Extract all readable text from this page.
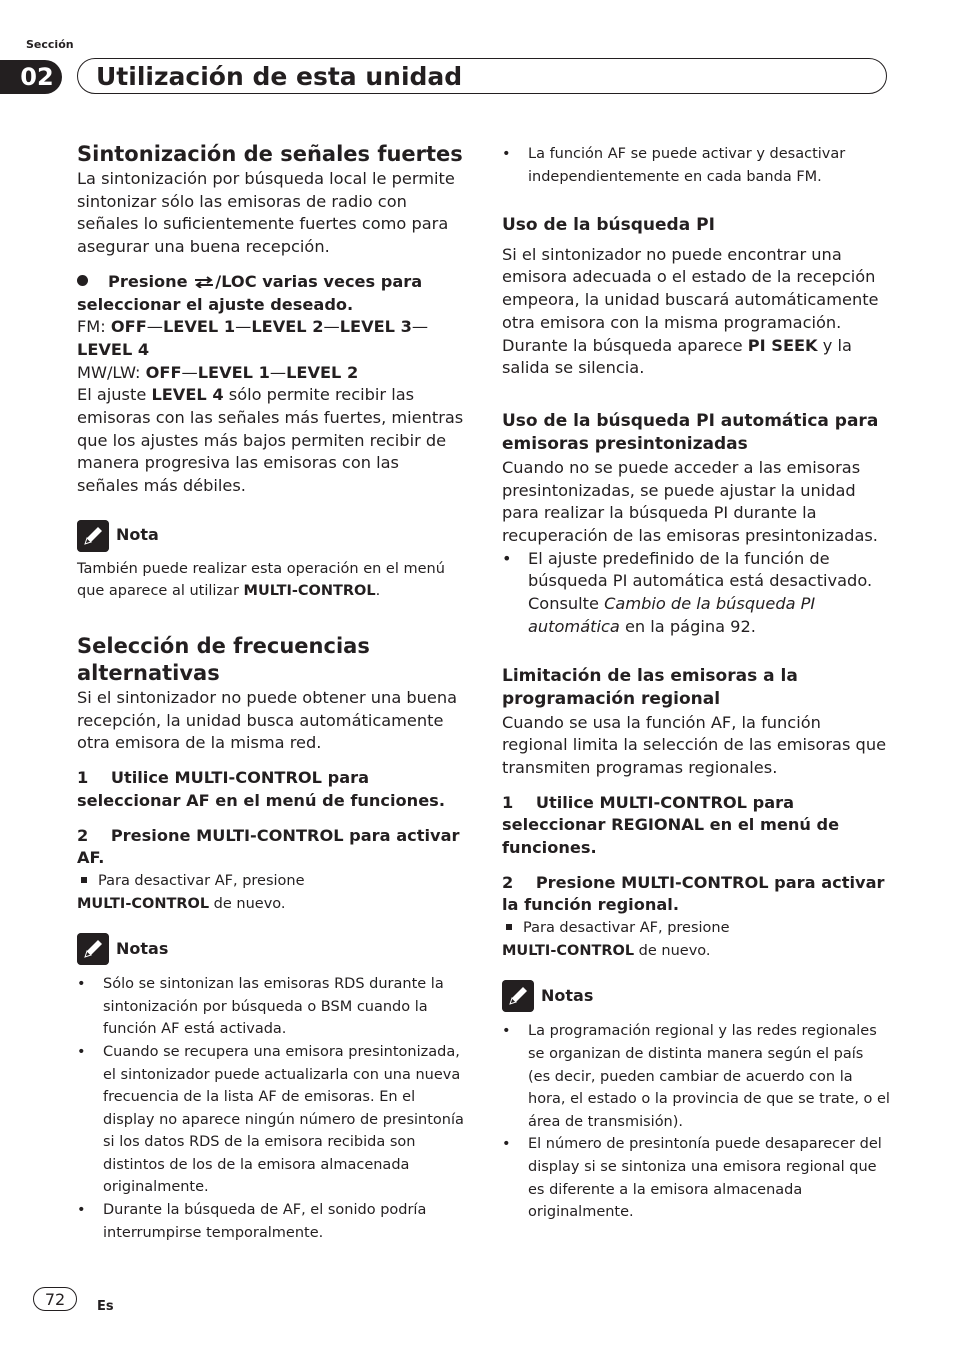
Sección
02	Utilización de esta unidad
Sintonización de señales fuertes

La sintonización por búsqueda local le permite sintonizar sólo las emisoras de radio con señales lo suficientemente fuertes como para asegurar una buena recepción.

Presione /LOC varias veces para seleccionar el ajuste deseado.

FM: OFF—LEVEL 1—LEVEL 2—LEVEL 3—
LEVEL 4

MW/LW: OFF—LEVEL 1—LEVEL 2

El ajuste LEVEL 4 sólo permite recibir las emisoras con las señales más fuertes, mientras que los ajustes más bajos permiten recibir de manera progresiva las emisoras con las señales más débiles.

Nota

También puede realizar esta operación en el menú que aparece al utilizar MULTI-CONTROL.

Selección de frecuencias alternativas

Si el sintonizador no puede obtener una buena recepción, la unidad busca automáticamente otra emisora de la misma red.

1 Utilice MULTI-CONTROL para seleccionar AF en el menú de funciones.

2 Presione MULTI-CONTROL para activar AF.

Para desactivar AF, presione
MULTI-CONTROL de nuevo.

Notas
•	Sólo se sintonizan las emisoras RDS durante la sintonización por búsqueda o BSM cuando la función AF está activada.
•	Cuando se recupera una emisora presintonizada, el sintonizador puede actualizarla con una nueva frecuencia de la lista AF de emisoras. En el display no aparece ningún número de presintonía si los datos RDS de la emisora recibida son distintos de los de la emisora almacenada originalmente.
•	Durante la búsqueda de AF, el sonido podría interrumpirse temporalmente.
•	La función AF se puede activar y desactivar independientemente en cada banda FM.
Uso de la búsqueda PI

Si el sintonizador no puede encontrar una emisora adecuada o el estado de la recepción empeora, la unidad buscará automáticamente otra emisora con la misma programación. Durante la búsqueda aparece PI SEEK y la salida se silencia.

Uso de la búsqueda PI automática para emisoras presintonizadas

Cuando no se puede acceder a las emisoras presintonizadas, se puede ajustar la unidad para realizar la búsqueda PI durante la recuperación de las emisoras presintonizadas.

•	El ajuste predefinido de la función de búsqueda PI automática está desactivado. Consulte Cambio de la búsqueda PI automática en la página 92.
Limitación de las emisoras a la programación regional

Cuando se usa la función AF, la función regional limita la selección de las emisoras que transmiten programas regionales.

1 Utilice MULTI-CONTROL para seleccionar REGIONAL en el menú de funciones.

2 Presione MULTI-CONTROL para activar la función regional.

Para desactivar AF, presione
MULTI-CONTROL de nuevo.

Notas
•	La programación regional y las redes regionales se organizan de distinta manera según el país (es decir, pueden cambiar de acuerdo con la hora, el estado o la provincia de que se trate, o el área de transmisión).
•	El número de presintonía puede desaparecer del display si se sintoniza una emisora regional que es diferente a la emisora almacenada originalmente.
72	Es
